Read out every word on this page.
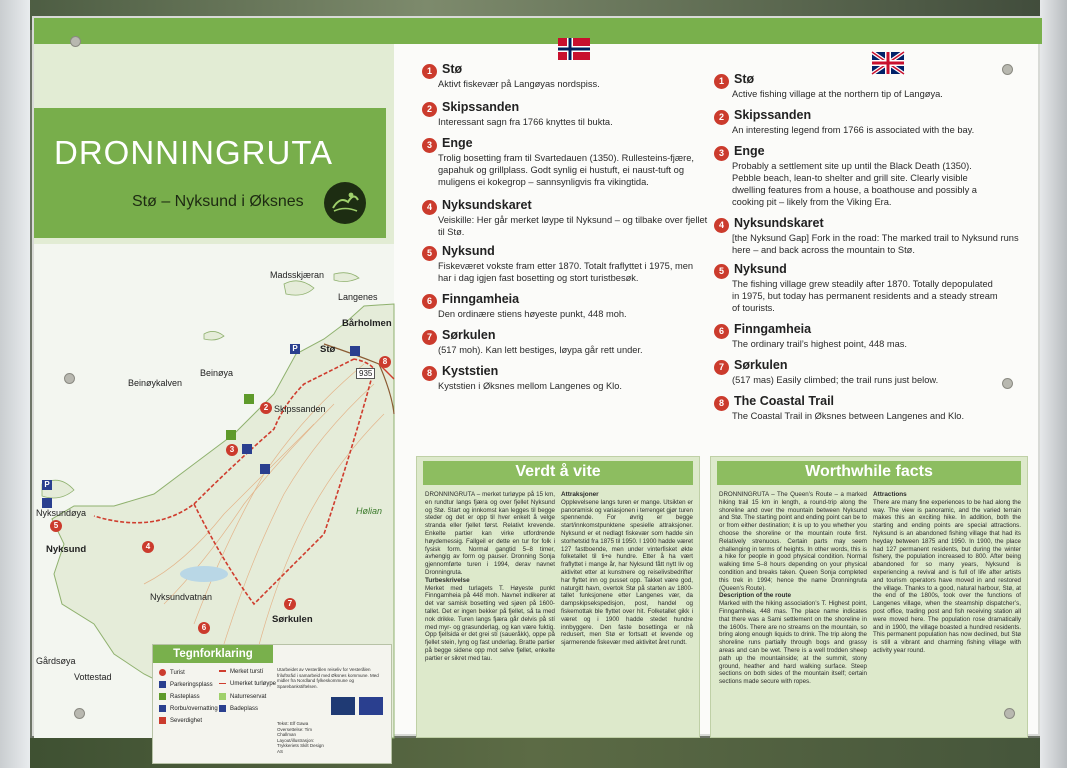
DRONNINGRUTA
Stø – Nyksund i Øksnes
2
3
4
5
6
7
8
Madsskjæran
Langenes
Bårholmen
Stø
Beinøykalven
Beinøya
Skipssanden
Nyksundøya
Nyksund
Nyksundvatnan
Sørkulen
Gårdsøya
Vottestad
Hølian
935
P
P
Tegnforklaring
Turist
Parkeringsplass
Rasteplass
Rorbu/overnatting
Severdighet
Merket turstí
Umerket turløype
Naturreservat
Badeplass
Utarbeidet av Vesterålen reiseliv for Vesterålen friluftsråd i samarbeid med Øksnes kommune. Med midler fra Nordland fylkeskommune og Sparebankstiftelsen.
Tekst: Elf Gawa Oversettelse: Tim Challman Layout/illustrasjon: Trykkeriets Skilt Design AS
1 Stø
Aktivt fiskevær på Langøyas nordspiss.
2 Skipssanden
Interessant sagn fra 1766 knyttes til bukta.
3 Enge
Trolig bosetting fram til Svartedauen (1350). Rullesteins-fjære, gapahuk og grillplass. Godt synlig ei hustuft, ei naust-tuft og muligens ei kokegrop – sannsynligvis fra vikingtida.
4 Nyksundskaret
Veiskille: Her går merket løype til Nyksund – og tilbake over fjellet til Stø.
5 Nyksund
Fiskeværet vokste fram etter 1870. Totalt fraflyttet i 1975, men har i dag igjen fast bosetting og stort turistbesøk.
6 Finngamheia
Den ordinære stiens høyeste punkt, 448 moh.
7 Sørkulen
(517 moh). Kan lett bestiges, løypa går rett under.
8 Kyststien
Kyststien i Øksnes mellom Langenes og Klo.
1 Stø
Active fishing village at the northern tip of Langøya.
2 Skipssanden
An interesting legend from 1766 is associated with the bay.
3 Enge
Probably a settlement site up until the Black Death (1350). Pebble beach, lean-to shelter and grill site. Clearly visible dwelling features from a house, a boathouse and possibly a cooking pit – likely from the Viking Era.
4 Nyksundskaret
[the Nyksund Gap] Fork in the road: The marked trail to Nyksund runs here – and back across the mountain to Stø.
5 Nyksund
The fishing village grew steadily after 1870. Totally depopulated in 1975, but today has permanent residents and a steady stream of tourists.
6 Finngamheia
The ordinary trail’s highest point, 448 mas.
7 Sørkulen
(517 mas) Easily climbed; the trail runs just below.
8 The Coastal Trail
The Coastal Trail in Øksnes between Langenes and Klo.
Verdt å vite
DRONNINGRUTA – merket turløype på 15 km, en rundtur langs fjæra og over fjellet Nyksund og Stø. Start og innkomst kan legges til begge steder og det er opp til hver enkelt å velge strandа eller fjellet først. Relativt krevende. Enkelte partier kan virke utfordrende høydemessig. Fallgeil er dette en tur for folk i fysisk form. Normal gangtid 5–8 timer, avhengig av form og pauser. Dronning Sonja gjennomførte turen i 1994, derav navnet Dronningruta.
Turbeskrivelse
Merket med turlagets T. Høyeste punkt Finngamheia på 448 moh. Navnet indikerer at det var samisk bosetting ved sjøen på 1600-tallet. Det er ingen bekker på fjellet, så ta med nok drikke. Turen langs fjæra går delvis på stí med myr- og grasunderlag, og kan være fuktig. Opp fjellsida er det grei stí (saueråkk), oppe på fjellet stein, lyng og fast underlag. Bratte partier på begge sidene opp mot selve fjellet, enkelte partier er sikret med tau.
Attraksjoner
Opplevelsene langs turen er mange. Utsikten er panoramisk og variasjonen i terrenget gjør turen spennende. For øvrig er begge start/innkomstpunktene spesielle attraksjoner. Nyksund er et nedlagt fiskevær som hadde sin storhetstid fra 1875 til 1950. I 1900 hadde været 127 fastboende, men under vinterfisket økte folketallet til ti+e hundre. Etter å ha vært fraflyttet i mange år, har Nyksund fått nytt liv og aktivitet etter at kunstnere og reiselivsbedrifter har flyttet inn og pusset opp. Takket være god, naturgitt havn, overtok Stø på starten av 1800-tallet funksjonene etter Langenes vær, da dampskipsekspedisjon, post, handel og fiskemottak ble flyttet over hit. Folketallet gikk i været og i 1900 hadde stedet hundre innbyggere. Den faste bosettinga er nå redusert, men Stø er fortsatt et levende og sjarmerende fiskevær med aktivitet året rundt.
Worthwhile facts
DRONNINGRUTA – The Queen’s Route – a marked hiking trail 15 km in length, a round-trip along the shoreline and over the mountain between Nyksund and Stø. The starting point and ending point can be to or from either destination; it is up to you whether you choose the shoreline or the mountain route first. Relatively strenuous. Certain parts may seem challenging in terms of heights. In other words, this is a hike for people in good physical condition. Normal walking time 5–8 hours depending on your physical condition and breaks taken. Queen Sonja completed this trek in 1994; hence the name Dronningruta (Queen’s Route).
Description of the route
Marked with the hiking association’s T. Highest point, Finngamheia, 448 mas. The place name indicates that there was a Sami settlement on the shoreline in the 1600s. There are no streams on the mountain, so bring along enough liquids to drink. The trip along the shoreline runs partially through bogs and grassy areas and can be wet. There is a well trodden sheep path up the mountainside; at the summit, stony ground, heather and hard walking surface. Steep sections on both sides of the mountain itself; certain sections made secure with ropes.
Attractions
There are many fine experiences to be had along the way. The view is panoramic, and the varied terrain makes this an exciting hike. In addition, both the starting and ending points are special attractions. Nyksund is an abandoned fishing village that had its heyday between 1875 and 1950. In 1900, the place had 127 permanent residents, but during the winter fishery, the population increased to 800. After being abandoned for so many years, Nyksund is experiencing a revival and is full of life after artists and tourism operators have moved in and restored the village. Thanks to a good, natural harbour, Stø, at the end of the 1800s, took over the functions of Langenes village, when the steamship dispatcher’s, post office, trading post and fish receiving station all were moved here. The population rose dramatically and in 1900, the village boasted a hundred residents. This permanent population has now declined, but Stø is still a vibrant and charming fishing village with activity year round.
